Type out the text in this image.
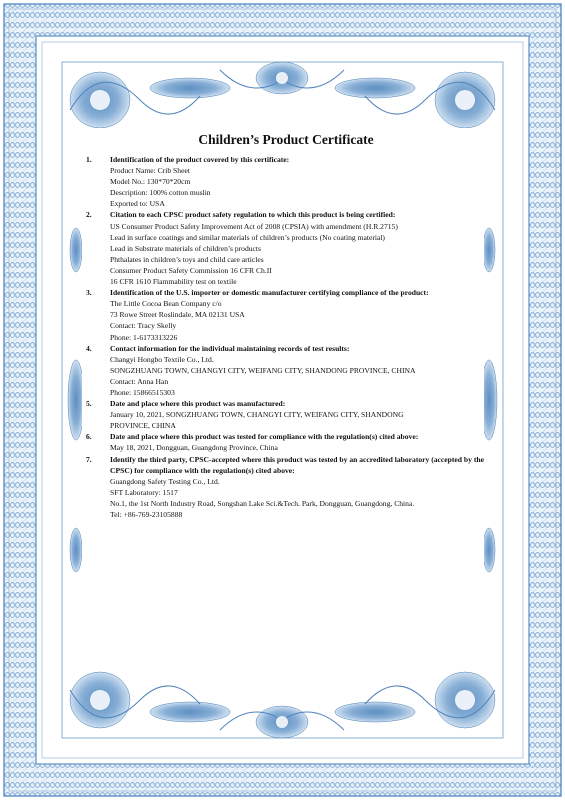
Children’s Product Certificate
1. Identification of the product covered by this certificate:
Product Name: Crib Sheet
Model No.: 130*70*20cm
Description: 100% cotton muslin
Exported to: USA
2. Citation to each CPSC product safety regulation to which this product is being certified:
US Consumer Product Safety Improvement Act of 2008 (CPSIA) with amendment (H.R.2715)
Lead in surface coatings and similar materials of children’s products (No coating material)
Lead in Substrate materials of children’s products
Phthalates in children’s toys and child care articles
Consumer Product Safety Commission 16 CFR Ch.II
16 CFR 1610 Flammability test on textile
3. Identification of the U.S. importer or domestic manufacturer certifying compliance of the product:
The Little Cocoa Bean Company c/o
73 Rowe Street Roslindale, MA 02131 USA
Contact: Tracy Skelly
Phone: 1-6173313226
4. Contact information for the individual maintaining records of test results:
Changyi Hongbo Textile Co., Ltd.
SONGZHUANG TOWN, CHANGYI CITY, WEIFANG CITY, SHANDONG PROVINCE, CHINA
Contact: Anna Han
Phone: 15866515303
5. Date and place where this product was manufactured:
January 10, 2021, SONGZHUANG TOWN, CHANGYI CITY, WEIFANG CITY, SHANDONG
PROVINCE, CHINA
6. Date and place where this product was tested for compliance with the regulation(s) cited above:
May 18, 2021, Dongguan, Guangdong Province, China
7. Identify the third party, CPSC-accepted where this product was tested by an accredited laboratory (accepted by the CPSC) for compliance with the regulation(s) cited above:
Guangdong Safety Testing Co., Ltd.
SFT Laboratory: 1517
No.1, the 1st North Industry Road, Songshan Lake Sci.&Tech. Park, Dongguan, Guangdong, China.
Tel: +86-769-23105888
